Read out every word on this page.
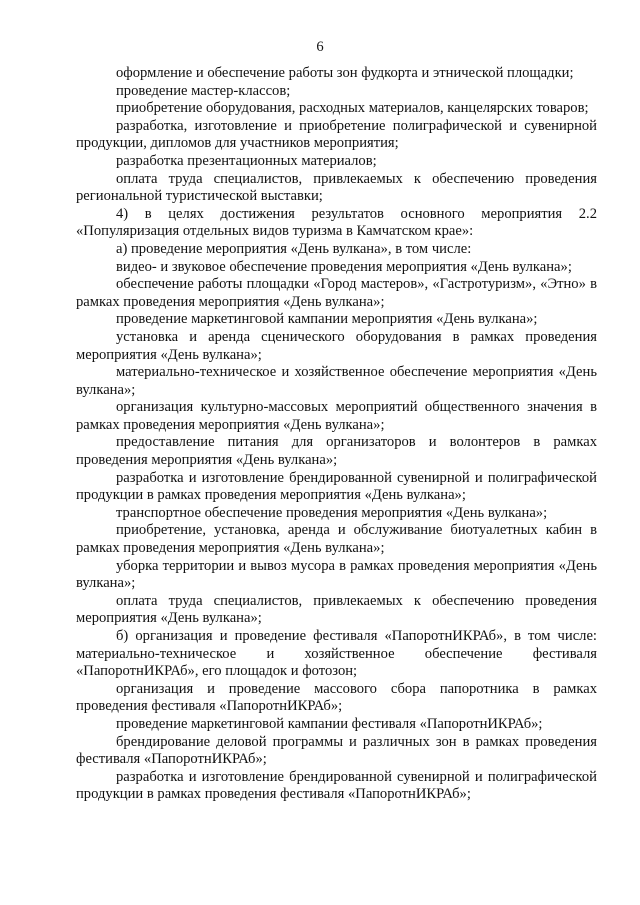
6

оформление и обеспечение работы зон фудкорта и этнической площадки;

проведение мастер-классов;

приобретение оборудования, расходных материалов, канцелярских товаров;

разработка, изготовление и приобретение полиграфической и сувенирной продукции, дипломов для участников мероприятия;

разработка презентационных материалов;

оплата труда специалистов, привлекаемых к обеспечению проведения региональной туристической выставки;

4) в целях достижения результатов основного мероприятия 2.2 «Популяризация отдельных видов туризма в Камчатском крае»:

а) проведение мероприятия «День вулкана», в том числе:

видео- и звуковое обеспечение проведения мероприятия «День вулкана»;

обеспечение работы площадки «Город мастеров», «Гастротуризм», «Этно» в рамках проведения мероприятия «День вулкана»;

проведение маркетинговой кампании мероприятия «День вулкана»;

установка и аренда сценического оборудования в рамках проведения мероприятия «День вулкана»;

материально-техническое и хозяйственное обеспечение мероприятия «День вулкана»;

организация культурно-массовых мероприятий общественного значения в рамках проведения мероприятия «День вулкана»;

предоставление питания для организаторов и волонтеров в рамках проведения мероприятия «День вулкана»;

разработка и изготовление брендированной сувенирной и полиграфической продукции в рамках проведения мероприятия «День вулкана»;

транспортное обеспечение проведения мероприятия «День вулкана»;

приобретение, установка, аренда и обслуживание биотуалетных кабин в рамках проведения мероприятия «День вулкана»;

уборка территории и вывоз мусора в рамках проведения мероприятия «День вулкана»;

оплата труда специалистов, привлекаемых к обеспечению проведения мероприятия «День вулкана»;

б) организация и проведение фестиваля «ПапоротнИКРАб», в том числе: материально-техническое и хозяйственное обеспечение фестиваля «ПапоротнИКРАб», его площадок и фотозон;

организация и проведение массового сбора папоротника в рамках проведения фестиваля «ПапоротнИКРАб»;

проведение маркетинговой кампании фестиваля «ПапоротнИКРАб»;

брендирование деловой программы и различных зон в рамках проведения фестиваля «ПапоротнИКРАб»;

разработка и изготовление брендированной сувенирной и полиграфической продукции в рамках проведения фестиваля «ПапоротнИКРАб»;
